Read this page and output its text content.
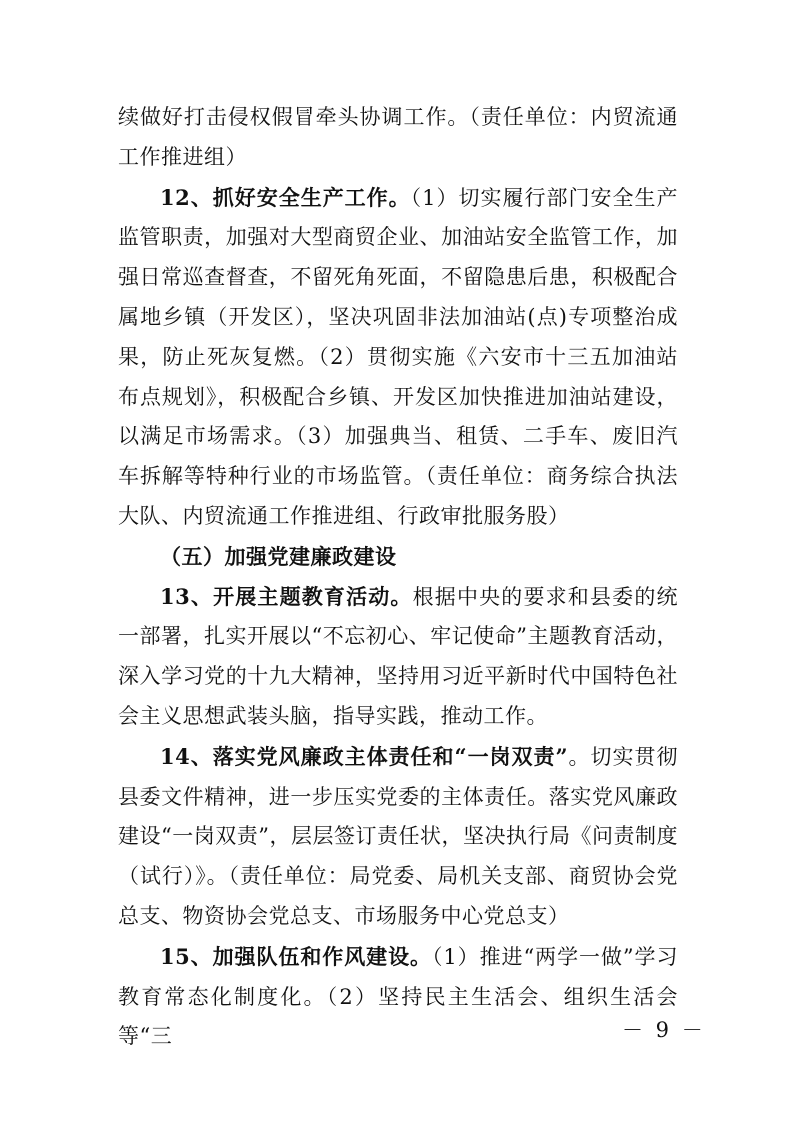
续做好打击侵权假冒牵头协调工作。（责任单位：内贸流通工作推进组）

12、抓好安全生产工作。（1）切实履行部门安全生产监管职责，加强对大型商贸企业、加油站安全监管工作，加强日常巡查督查，不留死角死面，不留隐患后患，积极配合属地乡镇（开发区），坚决巩固非法加油站(点)专项整治成果，防止死灰复燃。（2）贯彻实施《六安市十三五加油站布点规划》，积极配合乡镇、开发区加快推进加油站建设，以满足市场需求。（3）加强典当、租赁、二手车、废旧汽车拆解等特种行业的市场监管。（责任单位：商务综合执法大队、内贸流通工作推进组、行政审批服务股）

（五）加强党建廉政建设

13、开展主题教育活动。根据中央的要求和县委的统一部署，扎实开展以“不忘初心、牢记使命”主题教育活动，深入学习党的十九大精神，坚持用习近平新时代中国特色社会主义思想武装头脑，指导实践，推动工作。

14、落实党风廉政主体责任和“一岗双责”。切实贯彻县委文件精神，进一步压实党委的主体责任。落实党风廉政建设“一岗双责”，层层签订责任状，坚决执行局《问责制度（试行）》。（责任单位：局党委、局机关支部、商贸协会党总支、物资协会党总支、市场服务中心党总支）

15、加强队伍和作风建设。（1）推进“两学一做”学习教育常态化制度化。（2）坚持民主生活会、组织生活会等“三	－ 9 －
